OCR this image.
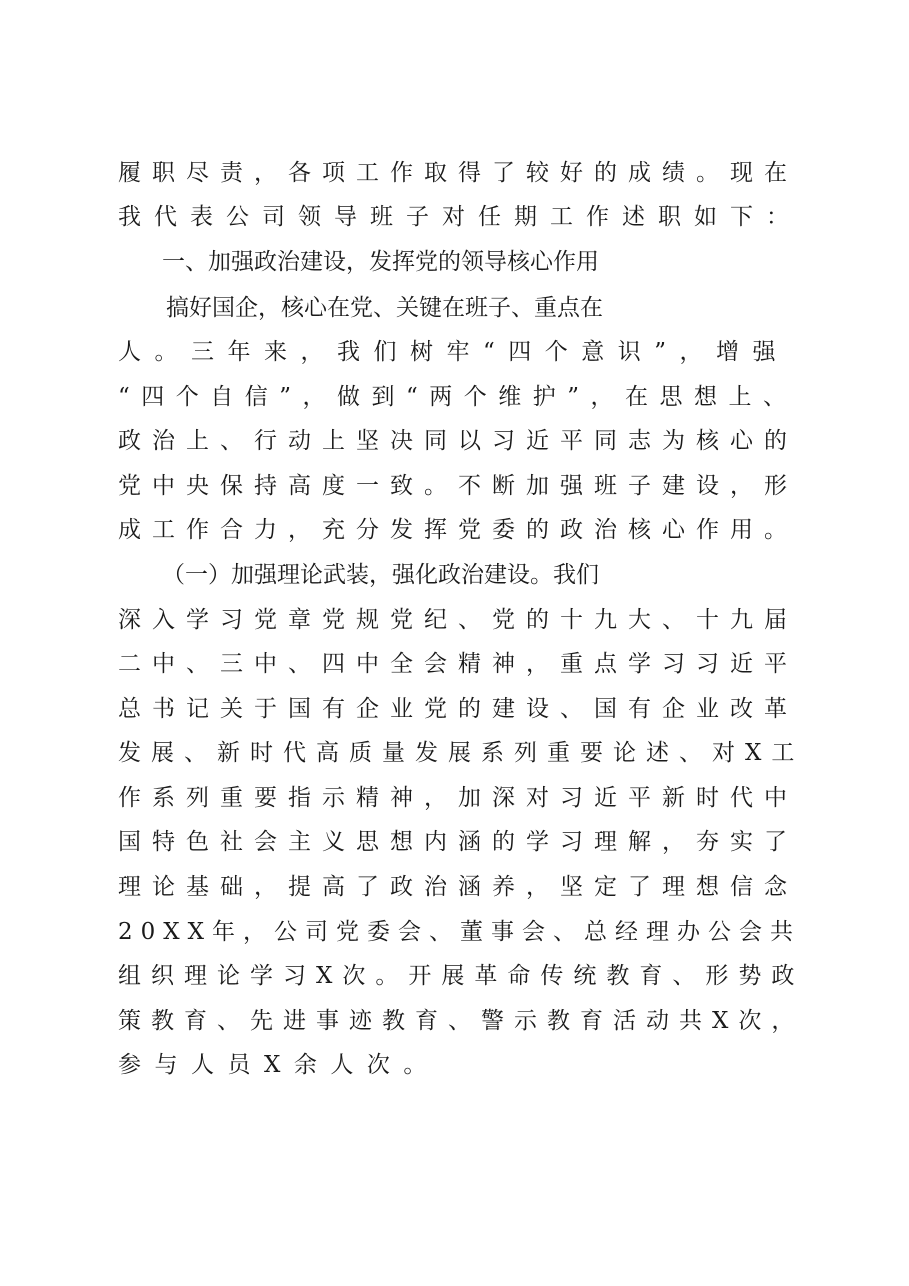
履职尽责，各项工作取得了较好的成绩。现在
我代表公司领导班子对任期工作述职如下：
一、加强政治建设，发挥党的领导核心作用
搞好国企，核心在党、关键在班子、重点在
人。三年来，我们树牢“四个意识”，增强
“四个自信”，做到“两个维护”，在思想上、
政治上、行动上坚决同以习近平同志为核心的
党中央保持高度一致。不断加强班子建设，形
成工作合力，充分发挥党委的政治核心作用。
（一）加强理论武装，强化政治建设。我们
深入学习党章党规党纪、党的十九大、十九届
二中、三中、四中全会精神，重点学习习近平
总书记关于国有企业党的建设、国有企业改革
发展、新时代高质量发展系列重要论述、对X工
作系列重要指示精神，加深对习近平新时代中
国特色社会主义思想内涵的学习理解，夯实了
理论基础，提高了政治涵养，坚定了理想信念
20XX年，公司党委会、董事会、总经理办公会共
组织理论学习X次。开展革命传统教育、形势政
策教育、先进事迹教育、警示教育活动共X次，
参与人员X余人次。
